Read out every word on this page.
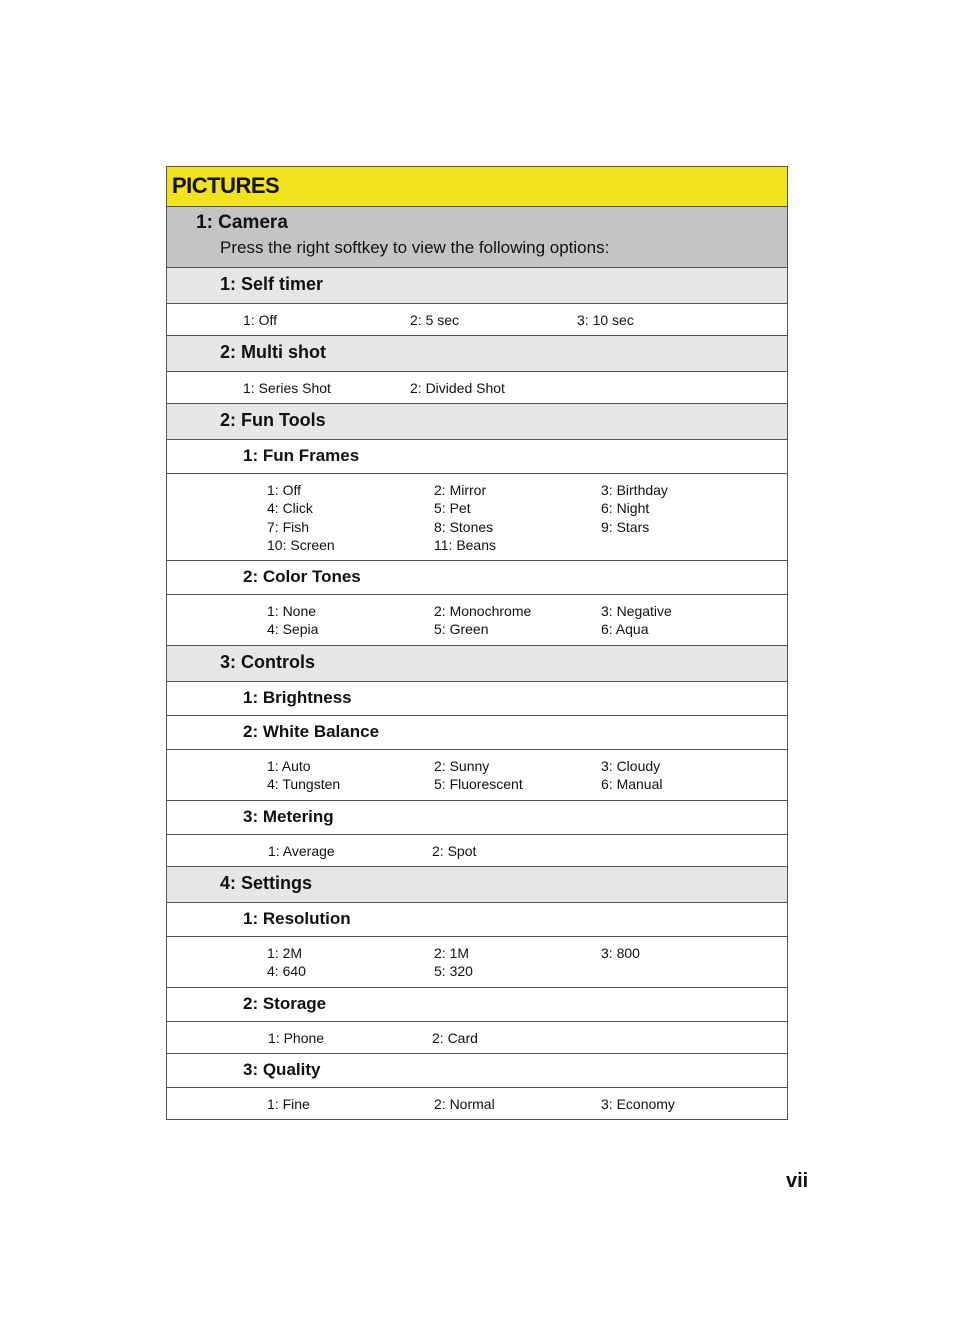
PICTURES
1: Camera
Press the right softkey to view the following options:
1: Self timer
1: Off	2: 5 sec	3: 10 sec
2: Multi shot
1: Series Shot	2: Divided Shot
2: Fun Tools
1: Fun Frames
1: Off	2: Mirror	3: Birthday
4: Click	5: Pet	6: Night
7: Fish	8: Stones	9: Stars
10: Screen	11: Beans
2: Color Tones
1: None	2: Monochrome	3: Negative
4: Sepia	5: Green	6: Aqua
3: Controls
1: Brightness
2: White Balance
1: Auto	2: Sunny	3: Cloudy
4: Tungsten	5: Fluorescent	6: Manual
3: Metering
1: Average	2: Spot
4: Settings
1: Resolution
1: 2M	2: 1M	3: 800
4: 640	5: 320
2: Storage
1: Phone	2: Card
3: Quality
1: Fine	2: Normal	3: Economy
vii
